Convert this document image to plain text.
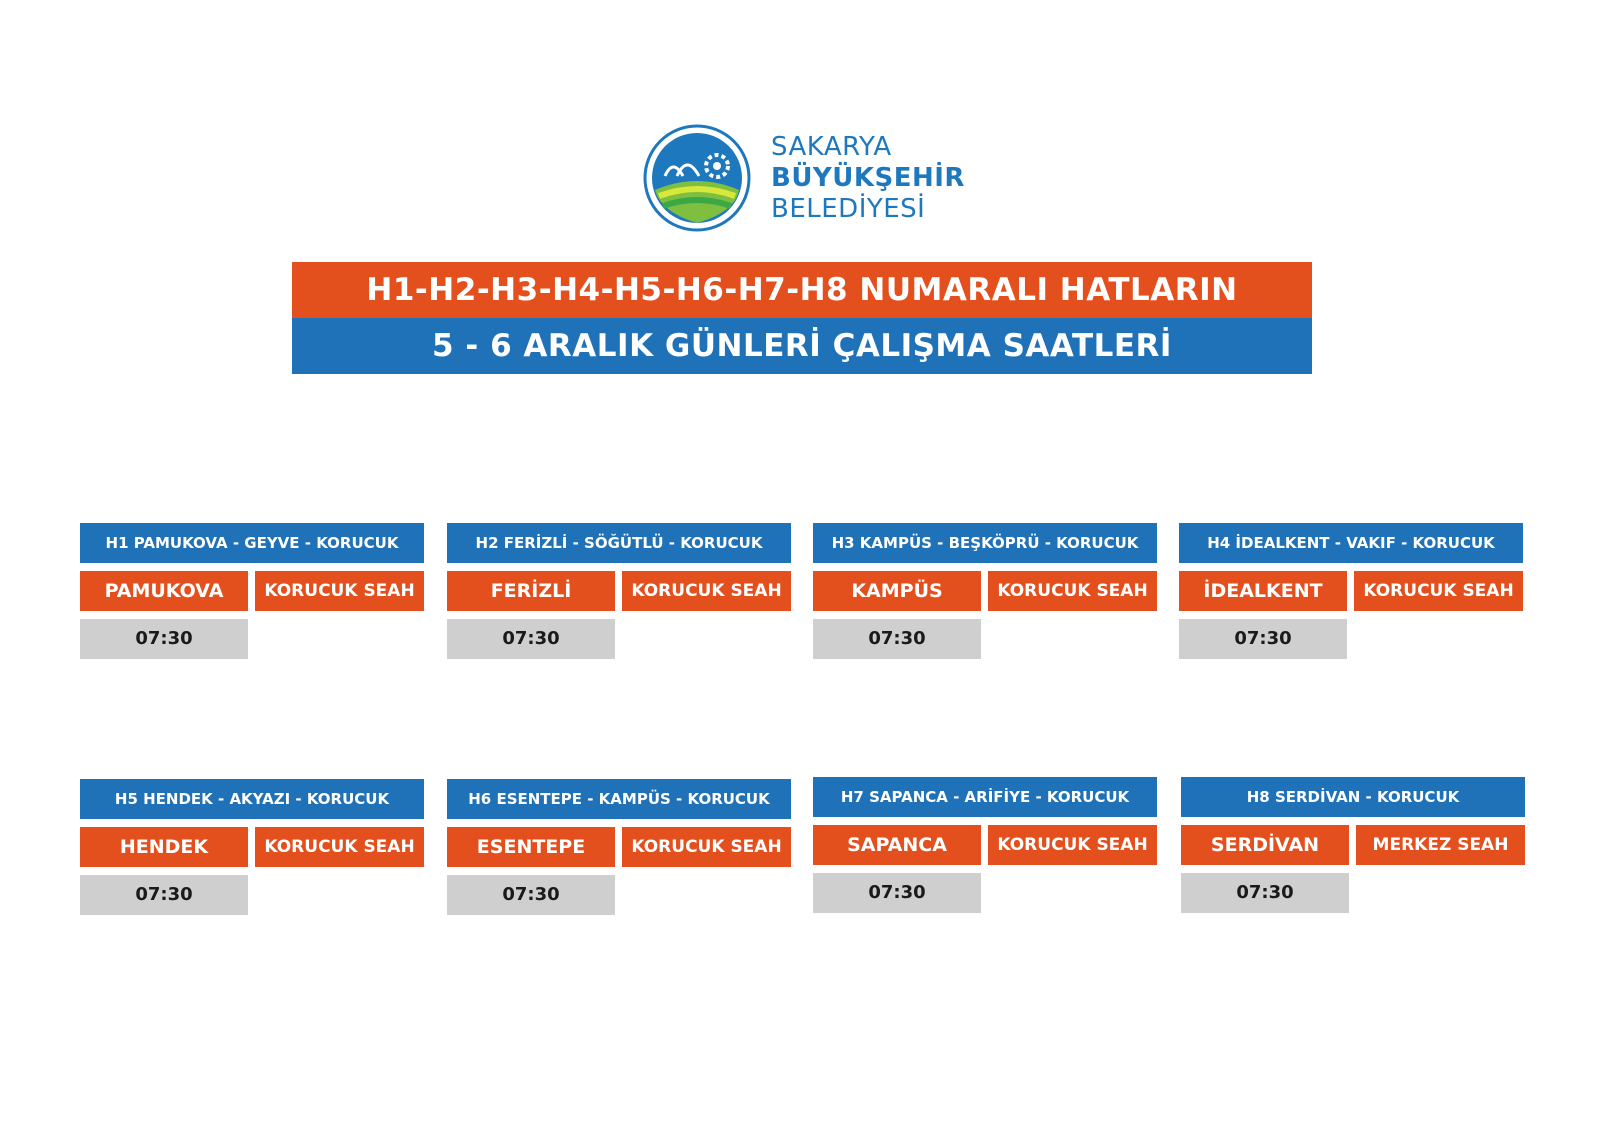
SAKARYA
BÜYÜKŞEHİR
BELEDİYESİ
H1-H2-H3-H4-H5-H6-H7-H8 NUMARALI HATLARIN
5 - 6 ARALIK GÜNLERİ ÇALIŞMA SAATLERİ
H1 PAMUKOVA - GEYVE - KORUCUK
PAMUKOVA	KORUCUK SEAH
07:30
H2 FERİZLİ - SÖĞÜTLÜ - KORUCUK
FERİZLİ	KORUCUK SEAH
07:30
H3 KAMPÜS - BEŞKÖPRÜ - KORUCUK
KAMPÜS	KORUCUK SEAH
07:30
H4 İDEALKENT - VAKIF - KORUCUK
İDEALKENT	KORUCUK SEAH
07:30
H5 HENDEK - AKYAZI - KORUCUK
HENDEK	KORUCUK SEAH
07:30
H6 ESENTEPE - KAMPÜS - KORUCUK
ESENTEPE	KORUCUK SEAH
07:30
H7 SAPANCA - ARİFİYE - KORUCUK
SAPANCA	KORUCUK SEAH
07:30
H8 SERDİVAN - KORUCUK
SERDİVAN	MERKEZ SEAH
07:30
